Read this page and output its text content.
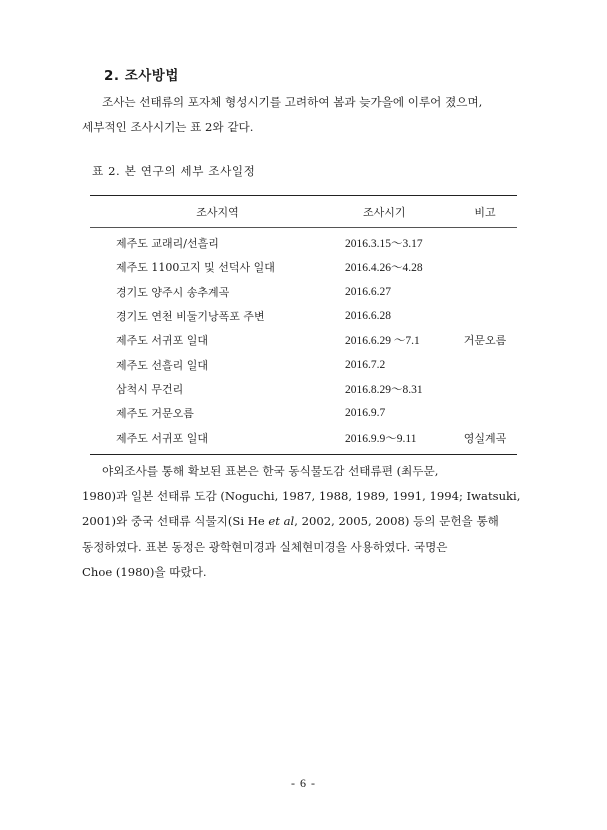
2. 조사방법
조사는 선태류의 포자체 형성시기를 고려하여 봄과 늦가을에 이루어 졌으며,
세부적인 조사시기는 표 2와 같다.
표 2. 본 연구의 세부 조사일정
조사지역	조사시기	비고
제주도 교래리/선흘리	2016.3.15～3.17
제주도 1100고지 및 선덕사 일대	2016.4.26～4.28
경기도 양주시 송추계곡	2016.6.27
경기도 연천 비둘기낭폭포 주변	2016.6.28
제주도 서귀포 일대	2016.6.29 ～7.1	거문오름
제주도 선흘리 일대	2016.7.2
삼척시 무건리	2016.8.29～8.31
제주도 거문오름	2016.9.7
제주도 서귀포 일대	2016.9.9～9.11	영실계곡
야외조사를 통해 확보된 표본은 한국 동식물도감 선태류편 (최두문,
1980)과 일본 선태류 도감 (Noguchi, 1987, 1988, 1989, 1991, 1994; Iwatsuki,
2001)와 중국 선태류 식물지(Si He et al, 2002, 2005, 2008) 등의 문헌을 통해
동정하였다. 표본 동정은 광학현미경과 실체현미경을 사용하였다. 국명은
Choe (1980)을 따랐다.
- 6 -
